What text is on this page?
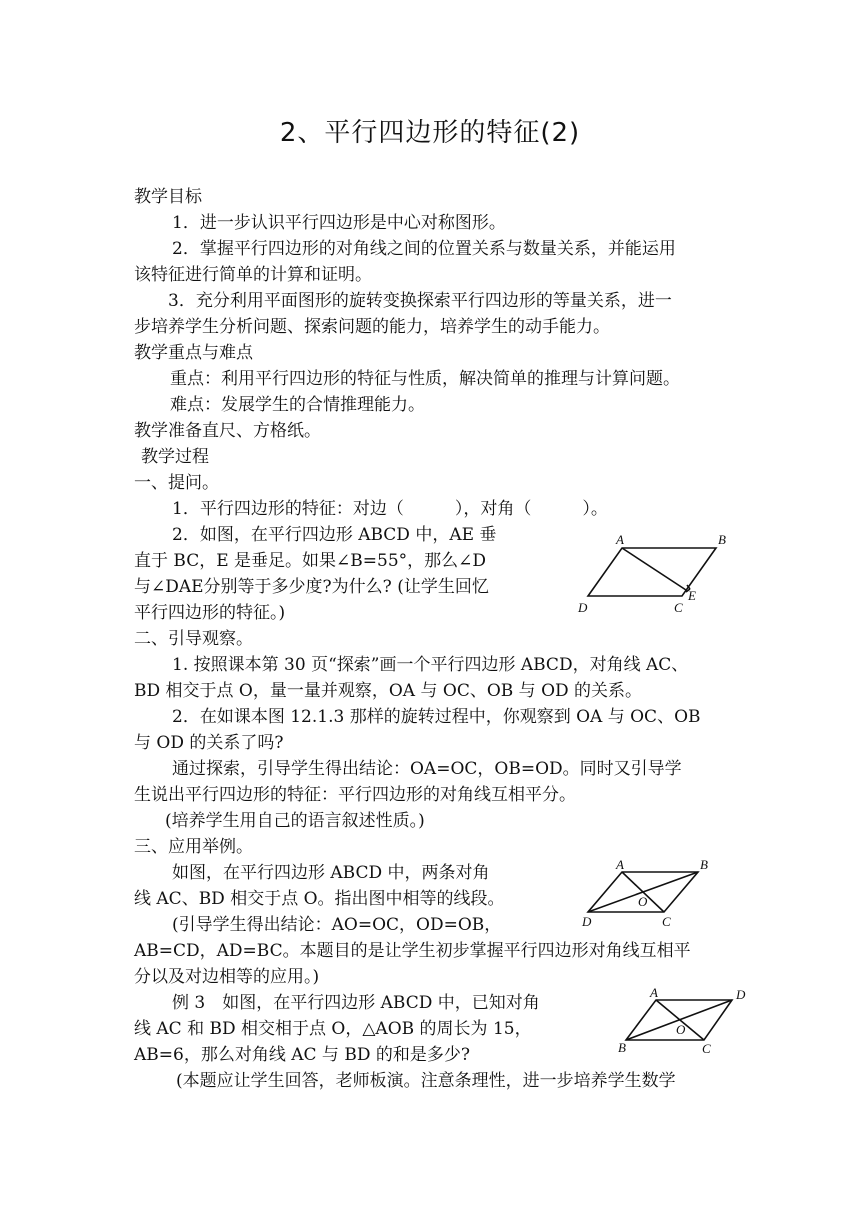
2、平行四边形的特征(2)
教学目标
1．进一步认识平行四边形是中心对称图形。
2．掌握平行四边形的对角线之间的位置关系与数量关系，并能运用
该特征进行简单的计算和证明。
3．充分利用平面图形的旋转变换探索平行四边形的等量关系，进一
步培养学生分析问题、探索问题的能力，培养学生的动手能力。
教学重点与难点
重点：利用平行四边形的特征与性质，解决简单的推理与计算问题。
难点：发展学生的合情推理能力。
教学准备直尺、方格纸。
教学过程
一、提问。
1．平行四边形的特征：对边（　　　），对角（　　　）。
2．如图，在平行四边形 ABCD 中，AE 垂
直于 BC，E 是垂足。如果∠B=55°，那么∠D
与∠DAE分别等于多少度?为什么? (让学生回忆
平行四边形的特征。)
二、引导观察。
1. 按照课本第 30 页“探索”画一个平行四边形 ABCD，对角线 AC、
BD 相交于点 O，量一量并观察，OA 与 OC、OB 与 OD 的关系。
2．在如课本图 12.1.3 那样的旋转过程中，你观察到 OA 与 OC、OB
与 OD 的关系了吗?
通过探索，引导学生得出结论：OA=OC，OB=OD。同时又引导学
生说出平行四边形的特征：平行四边形的对角线互相平分。
(培养学生用自己的语言叙述性质。)
三、应用举例。
如图，在平行四边形 ABCD 中，两条对角
线 AC、BD 相交于点 O。指出图中相等的线段。
(引导学生得出结论：AO=OC，OD=OB，
AB=CD，AD=BC。本题目的是让学生初步掌握平行四边形对角线互相平
分以及对边相等的应用。)
例 3　如图，在平行四边形 ABCD 中，已知对角
线 AC 和 BD 相交相于点 O，△AOB 的周长为 15，
AB=6，那么对角线 AC 与 BD 的和是多少?
(本题应让学生回答，老师板演。注意条理性，进一步培养学生数学
A	B
C
D
E
A	B
C
D
O
A	D
C
B
O
